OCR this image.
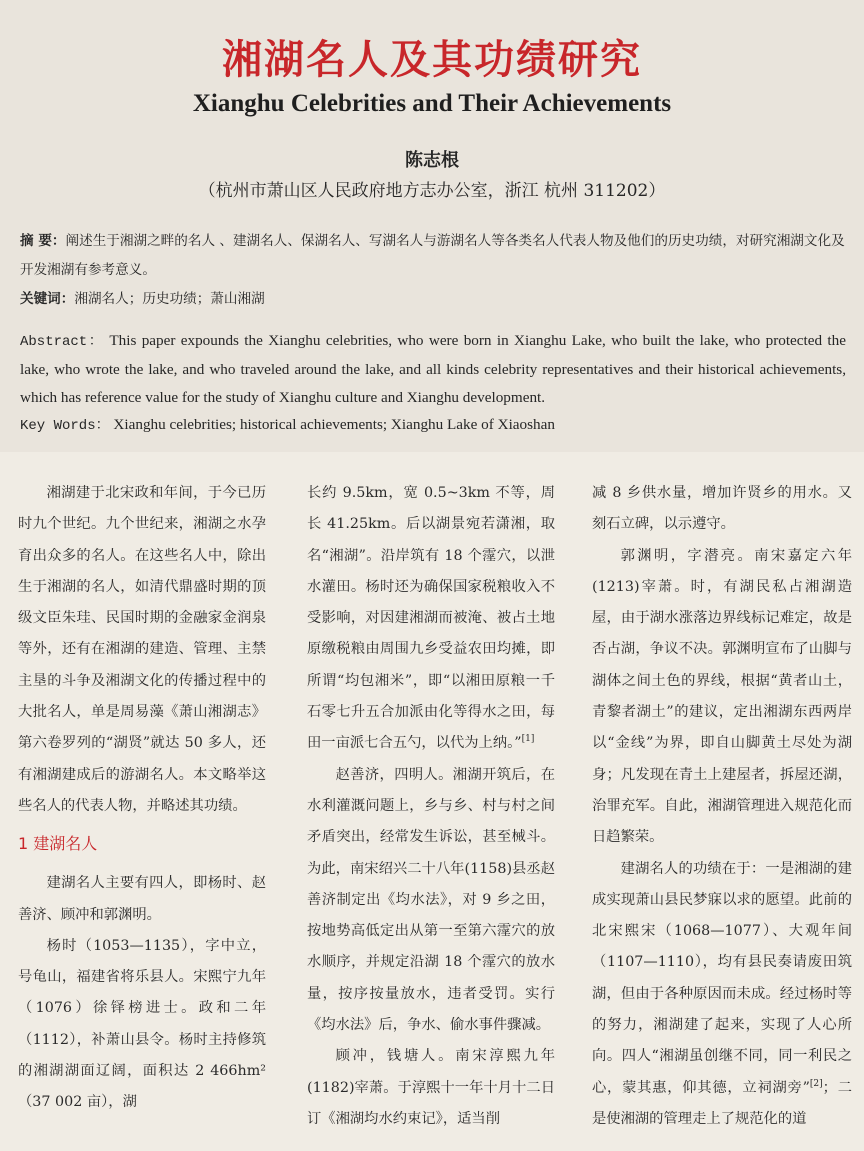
湘湖名人及其功绩研究
Xianghu Celebrities and Their Achievements
陈志根
（杭州市萧山区人民政府地方志办公室，浙江 杭州 311202）
摘 要：阐述生于湘湖之畔的名人 、建湖名人、保湖名人、写湖名人与游湖名人等各类名人代表人物及他们的历史功绩，对研究湘湖文化及开发湘湖有参考意义。
关键词：湘湖名人；历史功绩；萧山湘湖
Abstract： This paper expounds the Xianghu celebrities, who were born in Xianghu Lake, who built the lake, who protected the lake, who wrote the lake, and who traveled around the lake, and all kinds celebrity representatives and their historical achievements, which has reference value for the study of Xianghu culture and Xianghu development.
Key Words： Xianghu celebrities; historical achievements; Xianghu Lake of Xiaoshan

湘湖建于北宋政和年间，于今已历时九个世纪。九个世纪来，湘湖之水孕育出众多的名人。在这些名人中，除出生于湘湖的名人，如清代鼎盛时期的顶级文臣朱珪、民国时期的金融家金润泉等外，还有在湘湖的建造、管理、主禁主垦的斗争及湘湖文化的传播过程中的大批名人，单是周易藻《萧山湘湖志》第六卷罗列的“湖贤”就达 50 多人，还有湘湖建成后的游湖名人。本文略举这些名人的代表人物，并略述其功绩。

1 建湖名人

建湖名人主要有四人，即杨时、赵善济、顾冲和郭渊明。

杨时（1053—1135），字中立，号龟山，福建省将乐县人。宋熙宁九年（1076）徐铎榜进士。政和二年（1112），补萧山县令。杨时主持修筑的湘湖湖面辽阔，面积达 2 466hm² （37 002 亩），湖

长约 9.5km，宽 0.5~3km 不等，周长 41.25km。后以湖景宛若潇湘，取名“湘湖”。沿岸筑有 18 个霪穴，以泄水灌田。杨时还为确保国家税粮收入不受影响，对因建湘湖而被淹、被占土地原缴税粮由周围九乡受益农田均摊，即所谓“均包湘米”，即“以湘田原粮一千石零七升五合加派由化等得水之田，每田一亩派七合五勺，以代为上纳。”[1]

赵善济，四明人。湘湖开筑后，在水利灌溉问题上，乡与乡、村与村之间矛盾突出，经常发生诉讼，甚至械斗。为此，南宋绍兴二十八年(1158)县丞赵善济制定出《均水法》，对 9 乡之田，按地势高低定出从第一至第六霪穴的放水顺序，并规定沿湖 18 个霪穴的放水量，按序按量放水，违者受罚。实行《均水法》后，争水、偷水事件骤减。

顾冲，钱塘人。南宋淳熙九年(1182)宰萧。于淳熙十一年十月十二日订《湘湖均水约束记》，适当削

减 8 乡供水量，增加许贤乡的用水。又刻石立碑，以示遵守。

郭渊明，字潜亮。南宋嘉定六年(1213)宰萧。时，有湖民私占湘湖造屋，由于湖水涨落边界线标记难定，故是否占湖，争议不决。郭渊明宣布了山脚与湖体之间土色的界线，根据“黄者山土，青黎者湖土”的建议，定出湘湖东西两岸以“金线”为界，即自山脚黄土尽处为湖身；凡发现在青土上建屋者，拆屋还湖，治罪充军。自此，湘湖管理进入规范化而日趋繁荣。

建湖名人的功绩在于：一是湘湖的建成实现萧山县民梦寐以求的愿望。此前的北宋熙宋（1068—1077）、大观年间（1107—1110），均有县民奏请废田筑湖，但由于各种原因而未成。经过杨时等的努力，湘湖建了起来，实现了人心所向。四人“湘湖虽创继不同，同一利民之心，蒙其惠，仰其德，立祠湖旁”[2]；二是使湘湖的管理走上了规范化的道
